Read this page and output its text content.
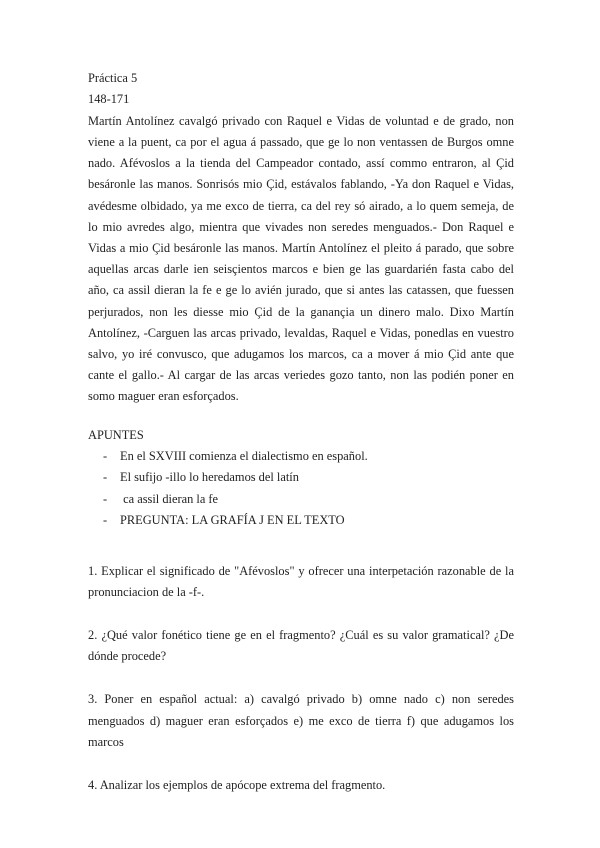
Práctica 5

148-171

Martín Antolínez cavalgó privado con Raquel e Vidas de voluntad e de grado, non viene a la puent, ca por el agua á passado, que ge lo non ventassen de Burgos omne nado. Afévoslos a la tienda del Campeador contado, assí commo entraron, al Çid besáronle las manos. Sonrisós mio Çid, estávalos fablando, -Ya don Raquel e Vidas, avédesme olbidado, ya me exco de tierra, ca del rey só airado, a lo quem semeja, de lo mio avredes algo, mientra que vivades non seredes menguados.- Don Raquel e Vidas a mio Çid besáronle las manos. Martín Antolínez el pleito á parado, que sobre aquellas arcas darle ien seisçientos marcos e bien ge las guardarién fasta cabo del año, ca assil dieran la fe e ge lo avién jurado, que si antes las catassen, que fuessen perjurados, non les diesse mio Çid de la ganançia un dinero malo. Dixo Martín Antolínez, -Carguen las arcas privado, levaldas, Raquel e Vidas, ponedlas en vuestro salvo, yo iré convusco, que adugamos los marcos, ca a mover á mio Çid ante que cante el gallo.- Al cargar de las arcas veriedes gozo tanto, non las podién poner en somo maguer eran esforçados.

APUNTES

- En el SXVIII comienza el dialectismo en español.
- El sufijo -illo lo heredamos del latín
- ca assil dieran la fe
- PREGUNTA: LA GRAFÍA J EN EL TEXTO

1. Explicar el significado de "Afévoslos" y ofrecer una interpetación razonable de la pronunciacion de la -f-.

2. ¿Qué valor fonético tiene ge en el fragmento? ¿Cuál es su valor gramatical? ¿De dónde procede?

3. Poner en español actual: a) cavalgó privado b) omne nado c) non seredes menguados d) maguer eran esforçados e) me exco de tierra f) que adugamos los marcos

4. Analizar los ejemplos de apócope extrema del fragmento.
